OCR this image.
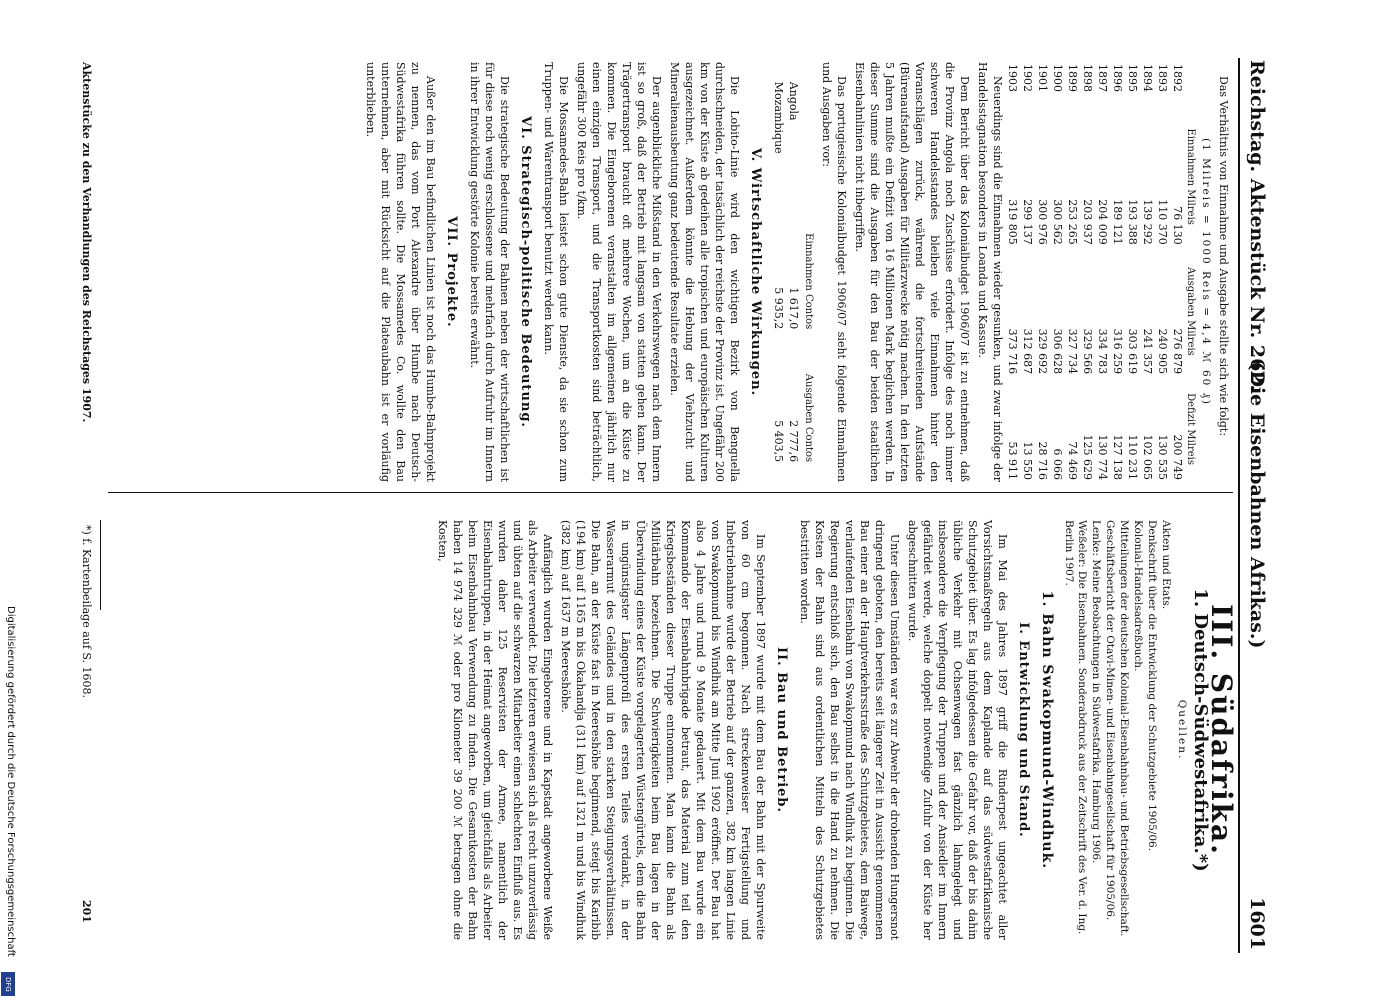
Reichstag. Aktenstück Nr. 262.
(Die Eisenbahnen Afrikas.)
1601

Das Verhältnis von Einnahme und Ausgabe stellte sich wie folgt:

(1 Milreis = 1000 Reis = 4,4 ℳ 60 ₰)
	Einnahmen Milreis	Ausgaben Milreis	Defizit Milreis
1892	76 130	276 879	200 749
1893	110 370	240 905	130 535
1894	139 292	241 357	102 065
1895	193 388	303 619	110 231
1896	189 121	316 259	127 138
1897	204 009	334 783	130 774
1898	203 937	329 566	125 629
1899	253 265	327 734	74 469
1900	300 562	306 628	6 066
1901	300 976	329 692	28 716
1902	299 137	312 687	13 550
1903	319 805	373 716	53 911

Neuerdings sind die Einnahmen wieder gesunken, und zwar infolge der Handelsstagnation besonders in Loanda und Kassue.

Dem Bericht über das Kolonialbudget 1906/07 ist zu entnehmen, daß die Provinz Angola noch Zuschüsse erfordert. Infolge des noch immer schweren Handelsstandes bleiben viele Einnahmen hinter den Voranschlägen zurück, während die fortschreitenden Aufstände (Bürenaufstand) Ausgaben für Militärzwecke nötig machen. In den letzten 5 Jahren mußte ein Defizit von 16 Millionen Mark beglichen werden. In dieser Summe sind die Ausgaben für den Bau der beiden staatlichen Eisenbahnlinien nicht inbegriffen.

Das portugiesische Kolonialbudget 1906/07 sieht folgende Einnahmen und Ausgaben vor:

	Einnahmen Contos	Ausgaben Contos
Angola	1 617,0	2 777,6
Mozambique	5 935,2	5 403,5
V. Wirtschaftliche Wirkungen.

Die Lobito-Linie wird den wichtigen Bezirk von Benguella durchschneiden, der tatsächlich der reichste der Provinz ist. Ungefähr 200 km von der Küste ab gedeihen alle tropischen und europäischen Kulturen ausgezeichnet. Außerdem könnte die Hebung der Viehzucht und Mineralienausbeutung ganz bedeutende Resultate erzielen.

Der augenblickliche Mißstand in den Verkehrswegen nach dem Innern ist so groß, daß der Betrieb mit langsam von statten gehen kann. Der Trägertransport braucht oft mehrere Wochen, um an die Küste zu kommen. Die Eingeborenen veranstalten im allgemeinen jährlich nur einen einzigen Transport, und die Transportkosten sind beträchtlich, ungefähr 300 Reis pro t/km.

Die Mossamedes-Bahn leistet schon gute Dienste, da sie schon zum Truppen- und Warentransport benutzt werden kann.

VI. Strategisch-politische Bedeutung.

Die strategische Bedeutung der Bahnen neben der wirtschaftlichen ist für diese noch wenig erschlossene und mehrfach durch Aufruhr im Innern in ihrer Entwicklung gestörte Kolonie bereits erwähnt.

VII. Projekte.

Außer den im Bau befindlichen Linien ist noch das Humbe-Bahnprojekt zu nennen, das vom Port Alexandre über Humbe nach Deutsch-Südwestafrika führen sollte. Die Mossamedes Co. wollte den Bau unternehmen, aber mit Rücksicht auf die Plateaubahn ist er vorläufig unterblieben.

III. Südafrika.
1. Deutsch-Südwestafrika.*)
Quellen.
Akten und Etats.
Denkschrift über die Entwicklung der Schutzgebiete 1905/06.
Kolonial-Handelsadreßbuch.
Mitteilungen der deutschen Kolonial-Eisenbahnbau- und Betriebsgesellschaft.
Geschäftsbericht der Otavi-Minen- und Eisenbahngesellschaft für 1905/06.
Lenke: Meine Beobachtungen in Südwestafrika. Hamburg 1906.
Weßeler: Die Eisenbahnen. Sonderabdruck aus der Zeitschrift des Ver. d. Ing. Berlin 1907.
1. Bahn Swakopmund-Windhuk.
I. Entwicklung und Stand.

Im Mai des Jahres 1897 griff die Rinderpest ungeachtet aller Vorsichtsmaßregeln aus dem Kaplande auf das südwestafrikanische Schutzgebiet über. Es lag infolgedessen die Gefahr vor, daß der bis dahin übliche Verkehr mit Ochsenwagen fast gänzlich lahmgelegt und insbesondere die Verpflegung der Truppen und der Ansiedler im Innern gefährdet werde, welche doppelt notwendige Zufuhr von der Küste her abgeschnitten wurde.

Unter diesen Umständen war es zur Abwehr der drohenden Hungersnot dringend geboten, den bereits seit längerer Zeit in Aussicht genommenen Bau einer an der Hauptverkehrsstraße des Schutzgebietes, dem Baiwege, verlaufenden Eisenbahn von Swakopmund nach Windhuk zu beginnen. Die Regierung entschloß sich, den Bau selbst in die Hand zu nehmen. Die Kosten der Bahn sind aus ordentlichen Mitteln des Schutzgebietes bestritten worden.

II. Bau und Betrieb.

Im September 1897 wurde mit dem Bau der Bahn mit der Spurweite von 60 cm begonnen. Nach streckenweiser Fertigstellung und Inbetriebnahme wurde der Betrieb auf der ganzen, 382 km langen Linie von Swakopmund bis Windhuk am Mitte Juni 1902 eröffnet. Der Bau hat also 4 Jahre und rund 9 Monate gedauert. Mit dem Bau wurde ein Kommando der Eisenbahnbrigade betraut, das Material zum teil den Kriegsbeständen dieser Truppe entnommen. Man kann die Bahn als Militärbahn bezeichnen. Die Schwierigkeiten beim Bau lagen in der Überwindung eines der Küste vorgelagerten Wüstengürtels, dem die Bahn in ungünstigster Längenprofil des ersten Teiles verdankt, in der Wasserarmut des Geländes und in den starken Steigungsverhältnissen. Die Bahn, an der Küste fast in Meereshöhe beginnend, steigt bis Karibib (194 km) auf 1165 m bis Okahandja (311 km) auf 1321 m und bis Windhuk (382 km) auf 1637 m Meereshöhe.

Anfänglich wurden Eingeborene und in Kapstadt angeworbene Weiße als Arbeiter verwendet. Die letzteren erwiesen sich als recht unzuverlässig und übten auf die schwarzen Mitarbeiter einen schlechten Einfluß aus. Es wurden daher 125 Reservisten der Armee, namentlich der Eisenbahntruppen, in der Heimat angeworben, um gleichfalls als Arbeiter beim Eisenbahnbau Verwendung zu finden. Die Gesamtkosten der Bahn haben 14 974 329 ℳ oder pro Kilometer 39 200 ℳ betragen ohne die Kosten,

Aktenstücke zu den Verhandlungen des Reichstages 1907.
*) f. Kartenbeilage auf S. 1608.
201
Digitalisierung gefördert durch die Deutsche Forschungsgemeinschaft
DFG
